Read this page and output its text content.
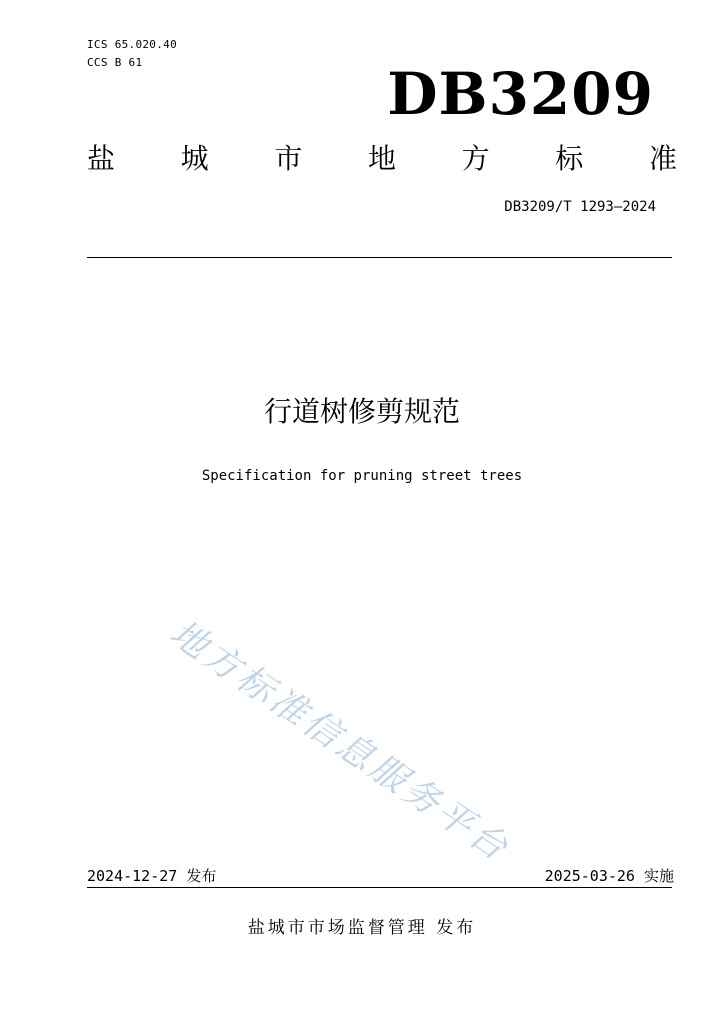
ICS 65.020.40
CCS B 61	DB3209
盐 城 市 地 方 标 准
DB3209/T 1293—2024
行道树修剪规范
Specification for pruning street trees
地方标准信息服务平台
2024-12-27 发布	2025-03-26 实施
盐城市市场监督管理 发布
